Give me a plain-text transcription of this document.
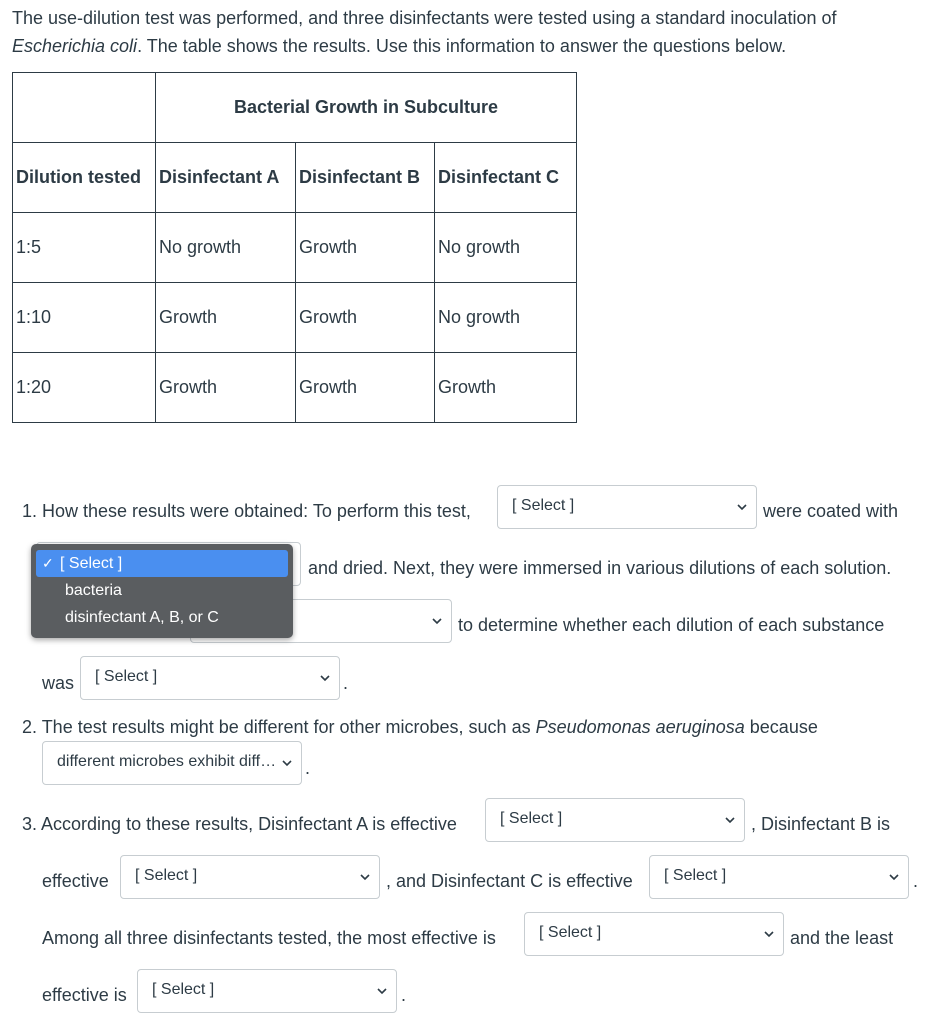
The use-dilution test was performed, and three disinfectants were tested using a standard inoculation of Escherichia coli. The table shows the results. Use this information to answer the questions below.
	Bacterial Growth in Subculture		
Dilution tested	Disinfectant A	Disinfectant B	Disinfectant C
1:5	No growth	Growth	No growth
1:10	Growth	Growth	No growth
1:20	Growth	Growth	Growth
1. How these results were obtained: To perform this test,	[ Select ]	were coated with
and dried. Next, they were immersed in various dilutions of each solution.
to determine whether each dilution of each substance
was [ Select ]	.
✓ [ Select ]
bacteria
disinfectant A, B, or C
2. The test results might be different for other microbes, such as Pseudomonas aeruginosa because
different microbes exhibit diff… .
3. According to these results, Disinfectant A is effective	[ Select ]	, Disinfectant B is
effective [ Select ]	, and Disinfectant C is effective [ Select ]	.
Among all three disinfectants tested, the most effective is	[ Select ]	and the least
effective is [ Select ]	.
